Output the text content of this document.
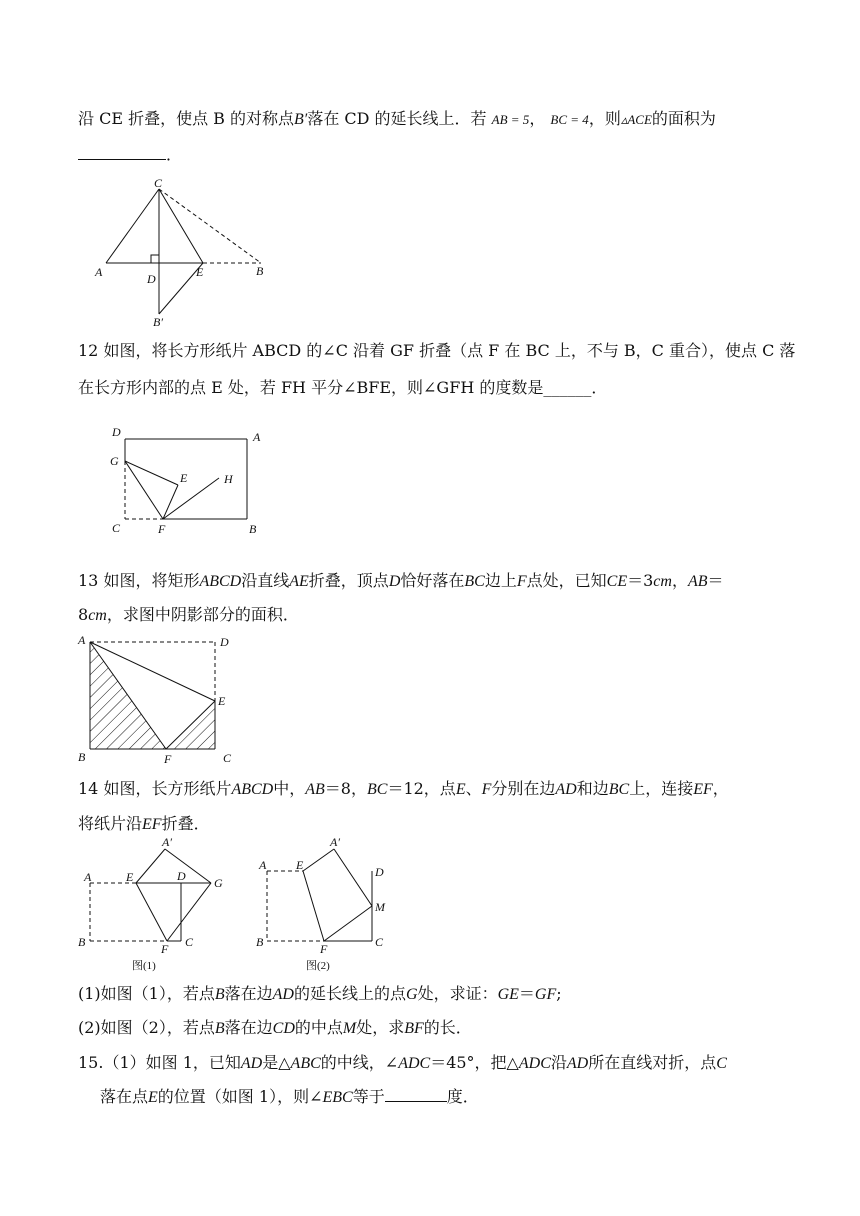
沿 CE 折叠，使点 B 的对称点B′落在 CD 的延长线上．若 AB = 5， BC = 4，则▵ACE的面积为
．
C
A	D	E	B
B′
12 如图，将长方形纸片 ABCD 的∠C 沿着 GF 折叠（点 F 在 BC 上，不与 B，C 重合），使点 C 落
在长方形内部的点 E 处，若 FH 平分∠BFE，则∠GFH 的度数是______．
D	A
G
E	H
C	F	B
13 如图，将矩形ABCD沿直线AE折叠，顶点D恰好落在BC边上F点处，已知CE＝3cm，AB＝
8cm，求图中阴影部分的面积．
A	D
E
B	F	C
14 如图，长方形纸片ABCD中，AB＝8，BC＝12，点E、F分别在边AD和边BC上，连接EF，
将纸片沿EF折叠．
A′
A	E	D G
B	F C
图(1)
E
A′
A	D
M
B	F	C
图(2)
(1)如图（1），若点B落在边AD的延长线上的点G处，求证：GE＝GF;
(2)如图（2），若点B落在边CD的中点M处，求BF的长．
15.（1）如图 1，已知AD是△ABC的中线，∠ADC＝45°，把△ADC沿AD所在直线对折，点C
落在点E的位置（如图 1），则∠EBC等于	度．
